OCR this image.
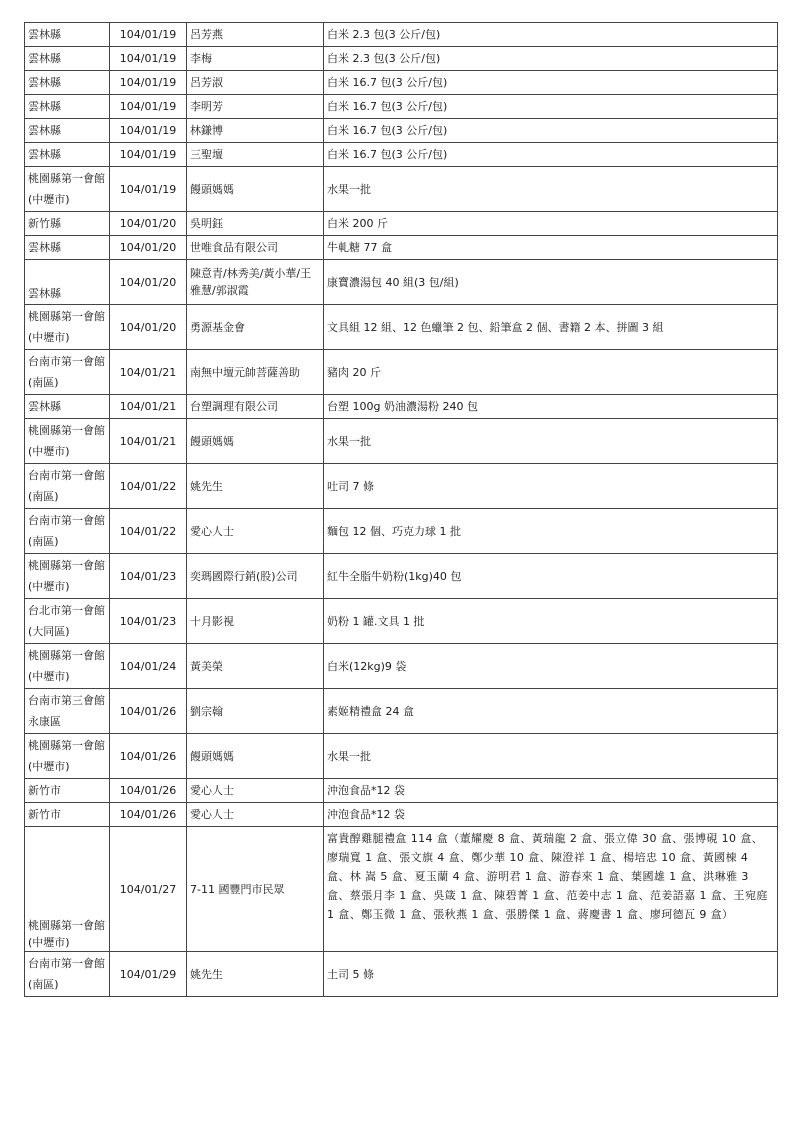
雲林縣	104/01/19	呂芳燕	白米 2.3 包(3 公斤/包)
雲林縣	104/01/19	李梅	白米 2.3 包(3 公斤/包)
雲林縣	104/01/19	呂芳淑	白米 16.7 包(3 公斤/包)
雲林縣	104/01/19	李明芳	白米 16.7 包(3 公斤/包)
雲林縣	104/01/19	林鎌博	白米 16.7 包(3 公斤/包)
雲林縣	104/01/19	三聖壇	白米 16.7 包(3 公斤/包)
桃園縣第一會館
(中壢市)	104/01/19	饅頭媽媽	水果一批
新竹縣	104/01/20	吳明鈺	白米 200 斤
雲林縣	104/01/20	世唯食品有限公司	牛軋糖 77 盒
雲林縣	104/01/20	陳意青/林秀美/黃小華/王雅慧/郭淑霞	康寶濃湯包 40 組(3 包/組)
桃園縣第一會館
(中壢市)	104/01/20	勇源基金會	文具組 12 組、12 色蠟筆 2 包、鉛筆盒 2 個、書籍 2 本、拼圖 3 組
台南市第一會館
(南區)	104/01/21	南無中壇元帥菩薩善助	豬肉 20 斤
雲林縣	104/01/21	台塑調理有限公司	台塑 100g 奶油濃湯粉 240 包
桃園縣第一會館
(中壢市)	104/01/21	饅頭媽媽	水果一批
台南市第一會館
(南區)	104/01/22	姚先生	吐司 7 條
台南市第一會館
(南區)	104/01/22	愛心人士	麵包 12 個、巧克力球 1 批
桃園縣第一會館
(中壢市)	104/01/23	奕瑪國際行銷(股)公司	紅牛全脂牛奶粉(1kg)40 包
台北市第一會館
(大同區)	104/01/23	十月影視	奶粉 1 罐.文具 1 批
桃園縣第一會館
(中壢市)	104/01/24	黃美榮	白米(12kg)9 袋
台南市第三會館
永康區	104/01/26	劉宗翰	素姬精禮盒 24 盒
桃園縣第一會館
(中壢市)	104/01/26	饅頭媽媽	水果一批
新竹市	104/01/26	愛心人士	沖泡食品*12 袋
新竹市	104/01/26	愛心人士	沖泡食品*12 袋
桃園縣第一會館
(中壢市)	104/01/27	7-11 國豐門市民眾	富貴醇雞腿禮盒 114 盒（董耀慶 8 盒、黃瑞龍 2 盒、張立偉 30 盒、張博硯 10 盒、廖瑞寬 1 盒、張文旗 4 盒、鄭少華 10 盒、陳澄祥 1 盒、楊培忠 10 盒、黃國棟 4 盒、林 嵩 5 盒、夏玉蘭 4 盒、游明君 1 盒、游春來 1 盒、葉國雄 1 盒、洪琳雅 3 盒、蔡張月李 1 盒、吳箴 1 盒、陳碧菁 1 盒、范姜中志 1 盒、范姜語嘉 1 盒、王宛庭 1 盒、鄭玉微 1 盒、張秋燕 1 盒、張勝傑 1 盒、蔣慶書 1 盒、廖珂德瓦 9 盒）
台南市第一會館
(南區)	104/01/29	姚先生	土司 5 條
